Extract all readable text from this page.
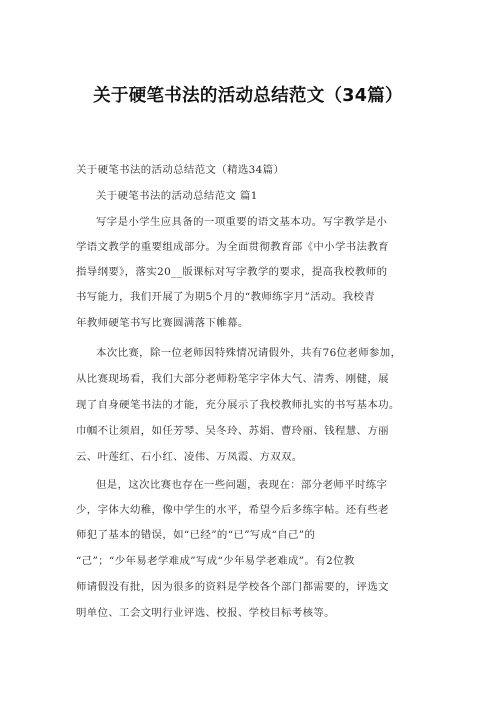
关于硬笔书法的活动总结范文（34篇）
关于硬笔书法的活动总结范文（精选34篇）
关于硬笔书法的活动总结范文 篇1
写字是小学生应具备的一项重要的语文基本功。写字教学是小
学语文教学的重要组成部分。为全面贯彻教育部《中小学书法教育
指导纲要》，落实20__版课标对写字教学的要求，提高我校教师的
书写能力，我们开展了为期5个月的“教师练字月”活动。我校青
年教师硬笔书写比赛圆满落下帷幕。
本次比赛，除一位老师因特殊情况请假外，共有76位老师参加，
从比赛现场看，我们大部分老师粉笔字字体大气、清秀、刚健，展
现了自身硬笔书法的才能，充分展示了我校教师扎实的书写基本功。
巾帼不让须眉，如任芳琴、吴冬玲、苏娟、曹玲丽、钱程慧、方丽
云、叶莲红、石小红、凌伟、万凤霞、方双双。
但是，这次比赛也存在一些问题，表现在：部分老师平时练字
少，字体大幼稚，像中学生的水平，希望今后多练字帖。还有些老
师犯了基本的错误，如“已经”的“已”写成“自己”的
“己”；“少年易老学难成”写成“少年易学老难成”。有2位教
师请假没有批，因为很多的资料是学校各个部门都需要的，评选文
明单位、工会文明行业评选、校报、学校目标考核等。
